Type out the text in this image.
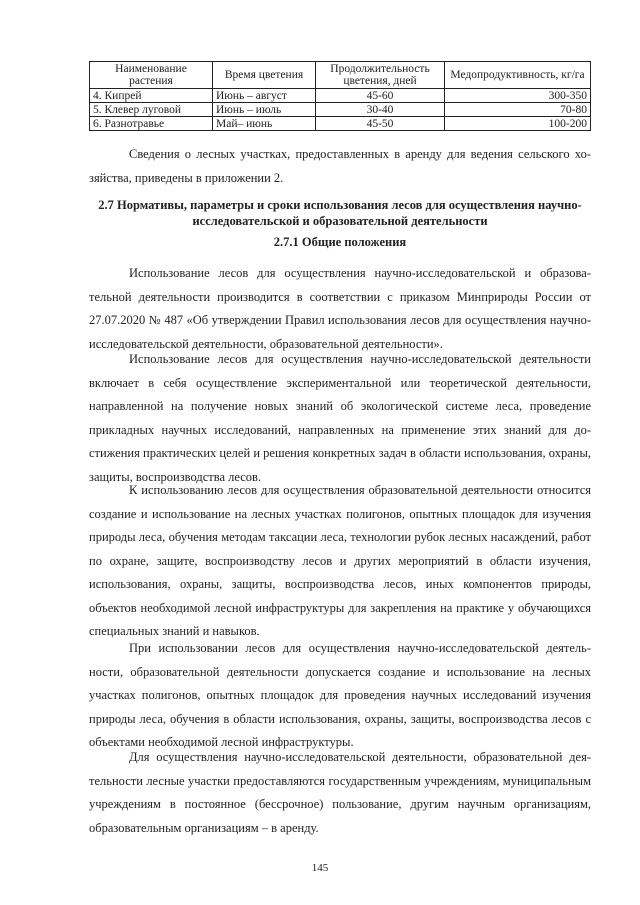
Наименование растения	Время цветения	Продолжительность цветения, дней	Медопродуктивность, кг/га
4. Кипрей	Июнь – август	45-60	300-350
5. Клевер луговой	Июнь – июль	30-40	70-80
6. Разнотравье	Май– июнь	45-50	100-200

Сведения о лесных участках, предоставленных в аренду для ведения сельского хозяйства, приведены в приложении 2.

2.7 Нормативы, параметры и сроки использования лесов для осуществления научно-исследовательской и образовательной деятельности

2.7.1 Общие положения

Использование лесов для осуществления научно-исследовательской и образовательной деятельности производится в соответствии с приказом Минприроды России от 27.07.2020 № 487 «Об утверждении Правил использования лесов для осуществления научно-исследовательской деятельности, образовательной деятельности».

Использование лесов для осуществления научно-исследовательской деятельности включает в себя осуществление экспериментальной или теоретической деятельности, направленной на получение новых знаний об экологической системе леса, проведение прикладных научных исследований, направленных на применение этих знаний для достижения практических целей и решения конкретных задач в области использования, охраны, защиты, воспроизводства лесов.

К использованию лесов для осуществления образовательной деятельности относится создание и использование на лесных участках полигонов, опытных площадок для изучения природы леса, обучения методам таксации леса, технологии рубок лесных насаждений, работ по охране, защите, воспроизводству лесов и других мероприятий в области изучения, использования, охраны, защиты, воспроизводства лесов, иных компонентов природы, объектов необходимой лесной инфраструктуры для закрепления на практике у обучающихся специальных знаний и навыков.

При использовании лесов для осуществления научно-исследовательской деятельности, образовательной деятельности допускается создание и использование на лесных участках полигонов, опытных площадок для проведения научных исследований изучения природы леса, обучения в области использования, охраны, защиты, воспроизводства лесов с объектами необходимой лесной инфраструктуры.

Для осуществления научно-исследовательской деятельности, образовательной деятельности лесные участки предоставляются государственным учреждениям, муниципальным учреждениям в постоянное (бессрочное) пользование, другим научным организациям, образовательным организациям – в аренду.

145
